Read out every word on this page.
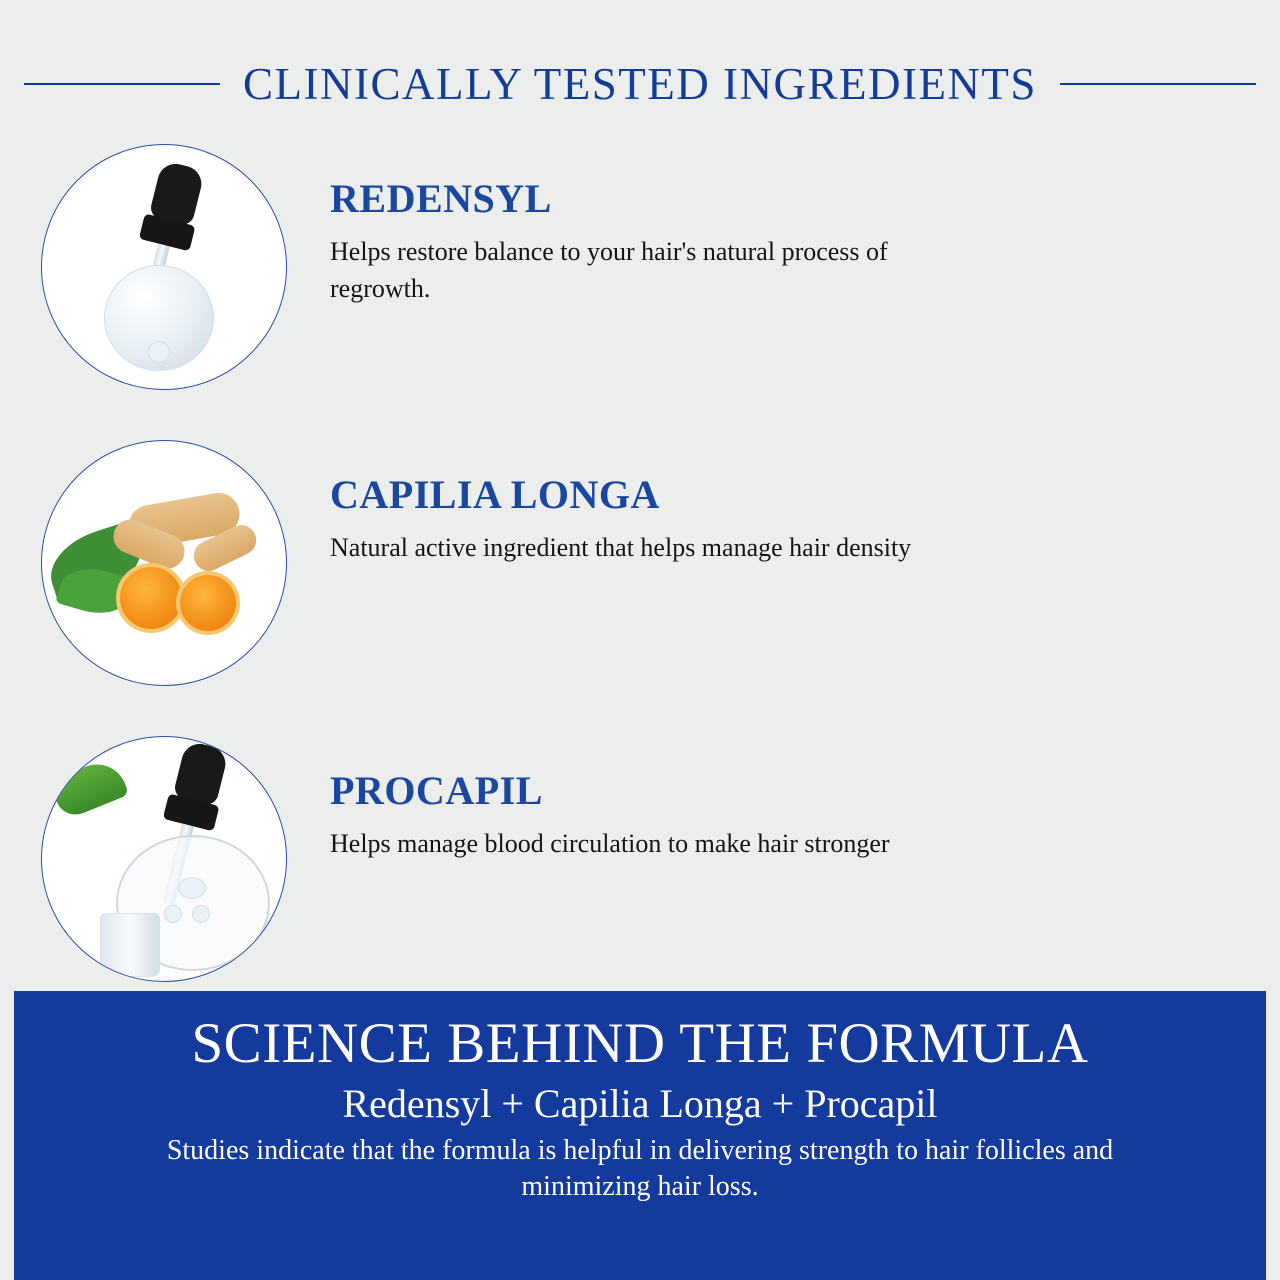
CLINICALLY TESTED INGREDIENTS
REDENSYL

Helps restore balance to your hair's natural process of regrowth.

CAPILIA LONGA

Natural active ingredient that helps manage hair density

PROCAPIL

Helps manage blood circulation to make hair stronger

SCIENCE BEHIND THE FORMULA
Redensyl + Capilia Longa + Procapil
Studies indicate that the formula is helpful in delivering strength to hair follicles and minimizing hair loss.
